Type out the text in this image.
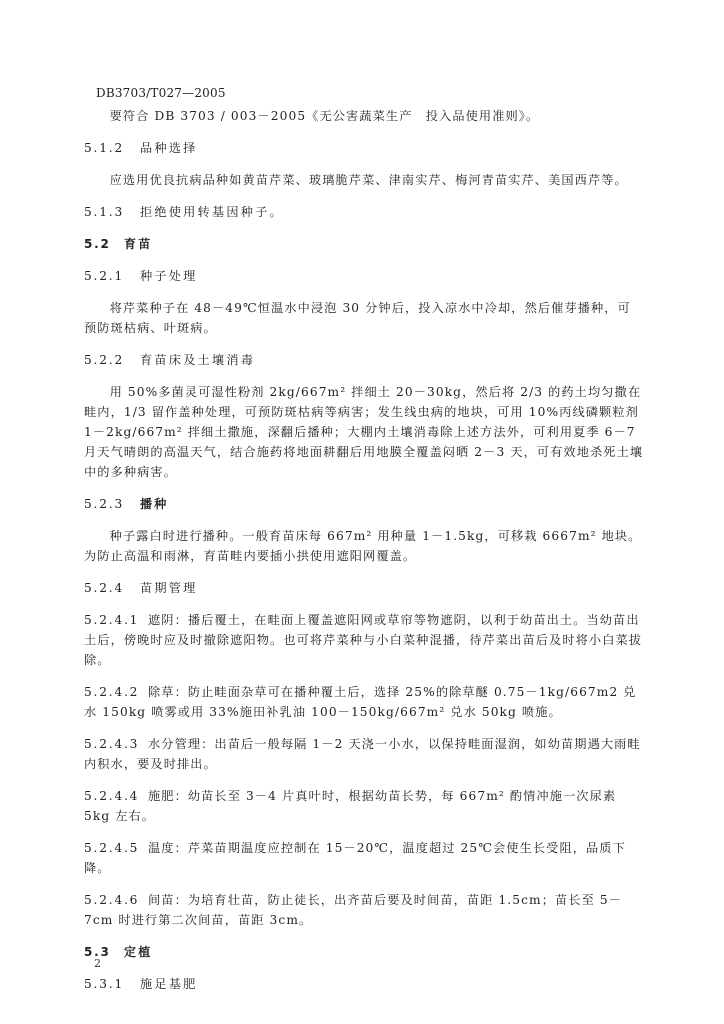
DB3703/T027—2005

要符合 DB 3703 / 003－2005《无公害蔬菜生产　投入品使用准则》。

5.1.2	品种选择

应选用优良抗病品种如黄苗芹菜、玻璃脆芹菜、津南实芹、梅河青苗实芹、美国西芹等。

5.1.3	拒绝使用转基因种子。
5.2	育苗
5.2.1	种子处理

将芹菜种子在 48－49℃恒温水中浸泡 30 分钟后，投入凉水中冷却，然后催芽播种，可预防斑枯病、叶斑病。

5.2.2	育苗床及土壤消毒

用 50%多菌灵可湿性粉剂 2kg/667m² 拌细土 20－30kg，然后将 2/3 的药土均匀撒在畦内，1/3 留作盖种处理，可预防斑枯病等病害；发生线虫病的地块，可用 10%丙线磷颗粒剂 1－2kg/667m² 拌细土撒施，深翻后播种；大棚内土壤消毒除上述方法外，可利用夏季 6－7 月天气晴朗的高温天气，结合施药将地面耕翻后用地膜全覆盖闷晒 2－3 天，可有效地杀死土壤中的多种病害。

5.2.3	播种

种子露白时进行播种。一般育苗床每 667m² 用种量 1－1.5kg，可移栽 6667m² 地块。为防止高温和雨淋，育苗畦内要插小拱使用遮阳网覆盖。

5.2.4	苗期管理

5.2.4.1 遮阴：播后覆土，在畦面上覆盖遮阳网或草帘等物遮阴，以利于幼苗出土。当幼苗出土后，傍晚时应及时撤除遮阳物。也可将芹菜种与小白菜种混播，待芹菜出苗后及时将小白菜拔除。

5.2.4.2 除草：防止畦面杂草可在播种覆土后，选择 25%的除草醚 0.75－1kg/667m2 兑水 150kg 喷雾或用 33%施田补乳油 100－150kg/667m² 兑水 50kg 喷施。

5.2.4.3 水分管理：出苗后一般每隔 1－2 天浇一小水，以保持畦面湿润，如幼苗期遇大雨畦内积水，要及时排出。

5.2.4.4 施肥：幼苗长至 3－4 片真叶时，根据幼苗长势，每 667m² 酌情冲施一次尿素 5kg 左右。

5.2.4.5 温度：芹菜苗期温度应控制在 15－20℃，温度超过 25℃会使生长受阻，品质下降。

5.2.4.6 间苗：为培育壮苗，防止徒长，出齐苗后要及时间苗，苗距 1.5cm；苗长至 5－7cm 时进行第二次间苗，苗距 3cm。

5.3	定植
5.3.1	施足基肥
2
